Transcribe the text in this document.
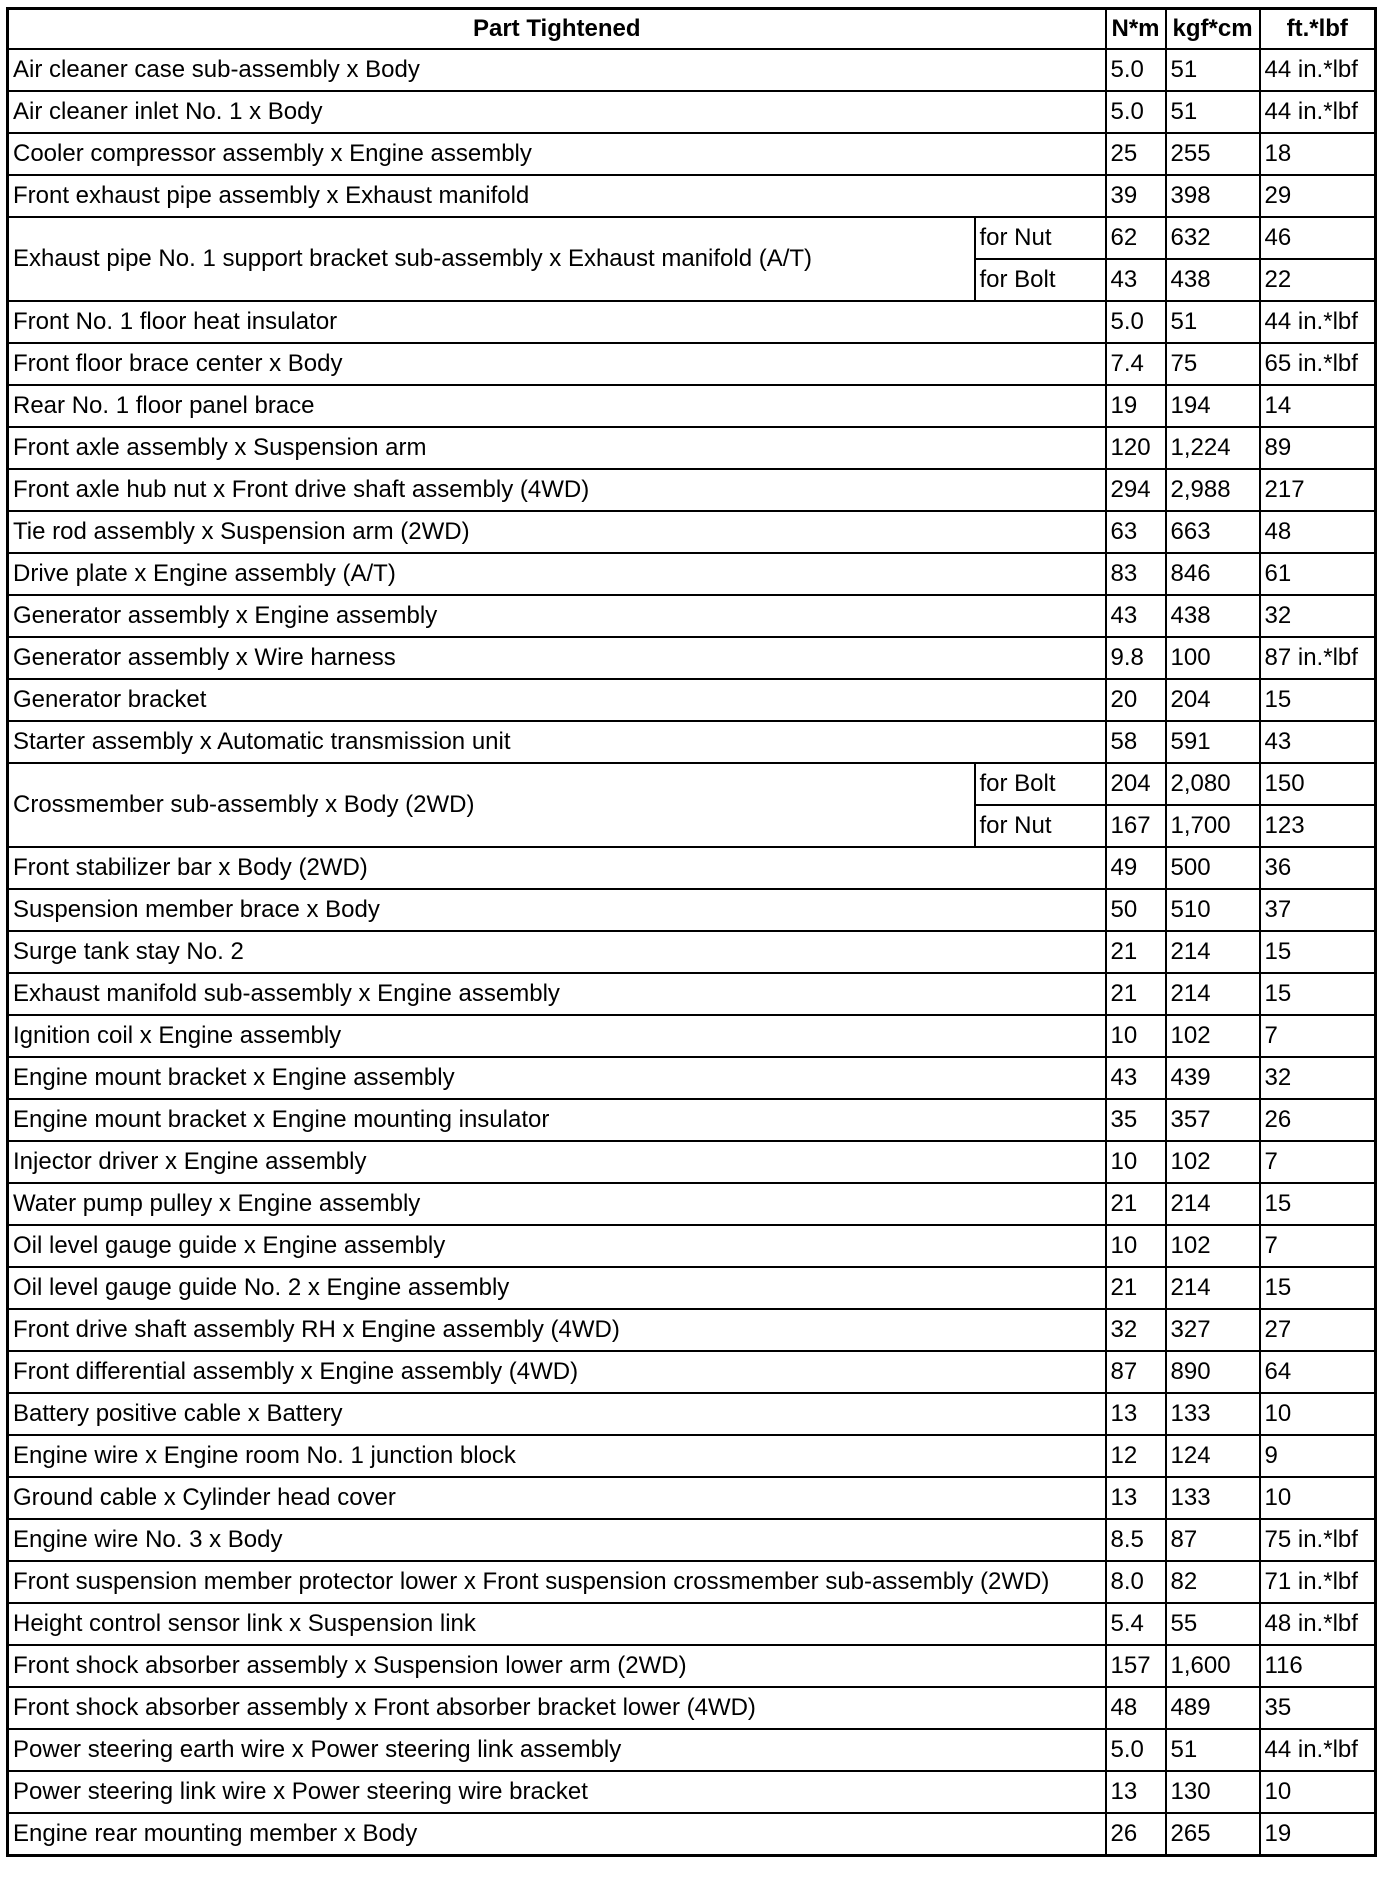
Part Tightened		N*m	kgf*cm	ft.*lbf
Air cleaner case sub-assembly x Body		5.0	51	44 in.*lbf
Air cleaner inlet No. 1 x Body		5.0	51	44 in.*lbf
Cooler compressor assembly x Engine assembly		25	255	18
Front exhaust pipe assembly x Exhaust manifold		39	398	29
Exhaust pipe No. 1 support bracket sub-assembly x Exhaust manifold (A/T)	for Nut	62	632	46
	for Bolt	43	438	22
Front No. 1 floor heat insulator		5.0	51	44 in.*lbf
Front floor brace center x Body		7.4	75	65 in.*lbf
Rear No. 1 floor panel brace		19	194	14
Front axle assembly x Suspension arm		120	1,224	89
Front axle hub nut x Front drive shaft assembly (4WD)		294	2,988	217
Tie rod assembly x Suspension arm (2WD)		63	663	48
Drive plate x Engine assembly (A/T)		83	846	61
Generator assembly x Engine assembly		43	438	32
Generator assembly x Wire harness		9.8	100	87 in.*lbf
Generator bracket		20	204	15
Starter assembly x Automatic transmission unit		58	591	43
Crossmember sub-assembly x Body (2WD)	for Bolt	204	2,080	150
	for Nut	167	1,700	123
Front stabilizer bar x Body (2WD)		49	500	36
Suspension member brace x Body		50	510	37
Surge tank stay No. 2		21	214	15
Exhaust manifold sub-assembly x Engine assembly		21	214	15
Ignition coil x Engine assembly		10	102	7
Engine mount bracket x Engine assembly		43	439	32
Engine mount bracket x Engine mounting insulator		35	357	26
Injector driver x Engine assembly		10	102	7
Water pump pulley x Engine assembly		21	214	15
Oil level gauge guide x Engine assembly		10	102	7
Oil level gauge guide No. 2 x Engine assembly		21	214	15
Front drive shaft assembly RH x Engine assembly (4WD)		32	327	27
Front differential assembly x Engine assembly (4WD)		87	890	64
Battery positive cable x Battery		13	133	10
Engine wire x Engine room No. 1 junction block		12	124	9
Ground cable x Cylinder head cover		13	133	10
Engine wire No. 3 x Body		8.5	87	75 in.*lbf
Front suspension member protector lower x Front suspension crossmember sub-assembly (2WD)		8.0	82	71 in.*lbf
Height control sensor link x Suspension link		5.4	55	48 in.*lbf
Front shock absorber assembly x Suspension lower arm (2WD)		157	1,600	116
Front shock absorber assembly x Front absorber bracket lower (4WD)		48	489	35
Power steering earth wire x Power steering link assembly		5.0	51	44 in.*lbf
Power steering link wire x Power steering wire bracket		13	130	10
Engine rear mounting member x Body		26	265	19
